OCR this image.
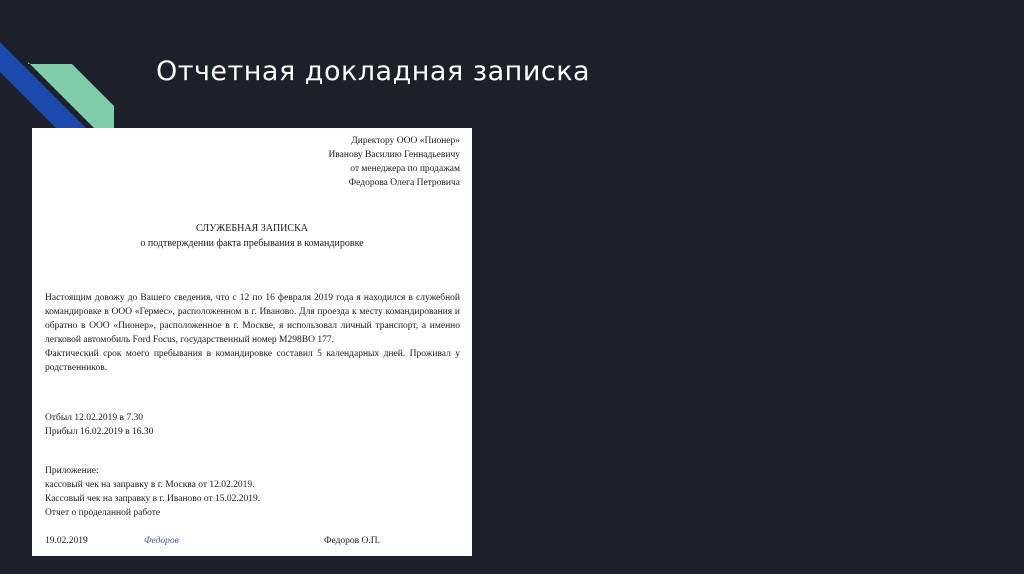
Отчетная докладная записка
Директору ООО «Пионер»
Иванову Василию Геннадьевичу
от менеджера по продажам
Федорова Олега Петровича
СЛУЖЕБНАЯ ЗАПИСКА
о подтверждении факта пребывания в командировке

Настоящим довожу до Вашего сведения, что с 12 по 16 февраля 2019 года я находился в служебной командировке в ООО «Гермес», расположенном в г. Иваново. Для проезда к месту командирования и обратно в ООО «Пионер», расположенное в г. Москве, я использовал личный транспорт, а именно легковой автомобиль Ford Focus, государственный номер М298ВО 177.

Фактический срок моего пребывания в командировке составил 5 календарных дней. Проживал у родственников.

Отбыл 12.02.2019 в 7.30
Прибыл 16.02.2019 в 16.30
Приложение:
кассовый чек на заправку в г. Москва от 12.02.2019.
Кассовый чек на заправку в г. Иваново от 15.02.2019.
Отчет о проделанной работе
19.02.2019	Федоров	Федоров О.П.
